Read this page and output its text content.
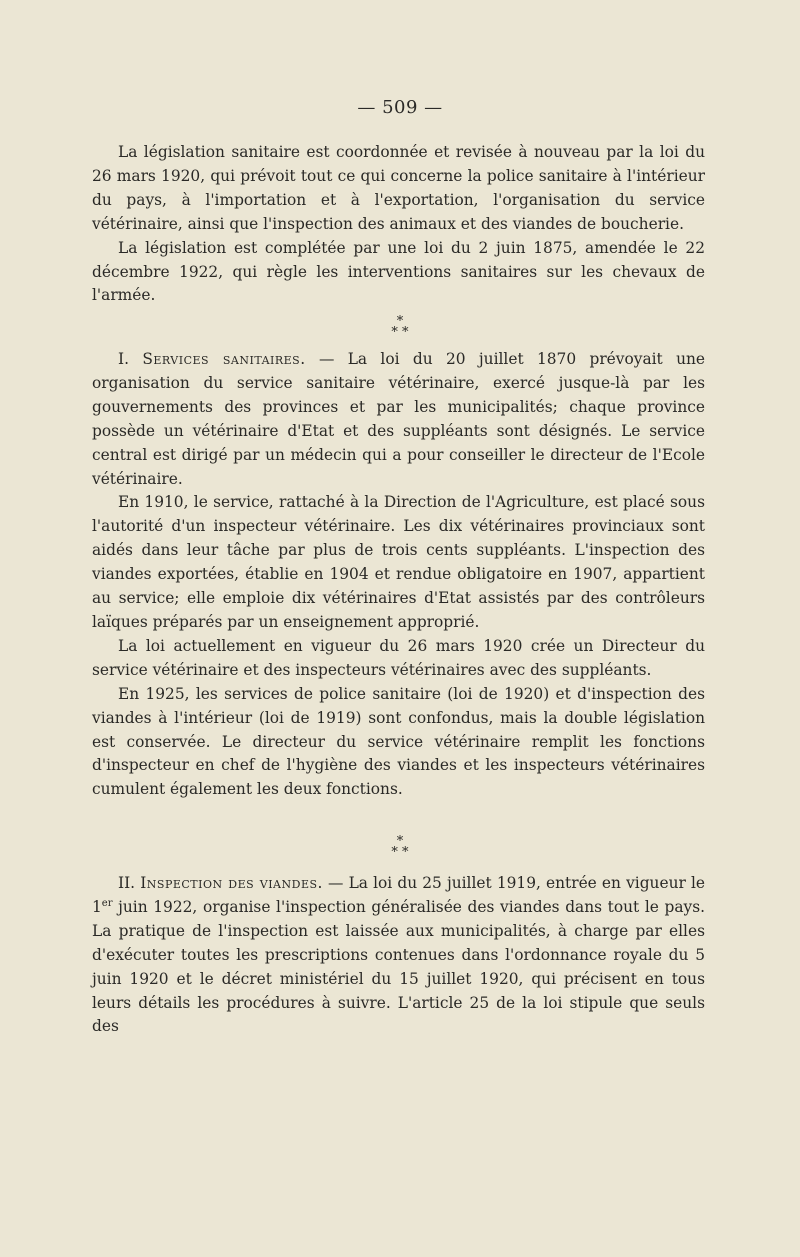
— 509 —

La législation sanitaire est coordonnée et revisée à nouveau par la loi du 26 mars 1920, qui prévoit tout ce qui concerne la police sanitaire à l'intérieur du pays, à l'importation et à l'exportation, l'organisation du service vétérinaire, ainsi que l'inspection des animaux et des viandes de boucherie.

La législation est complétée par une loi du 2 juin 1875, amendée le 22 décembre 1922, qui règle les interventions sanitaires sur les chevaux de l'armée.

*
* *

I. Services sanitaires. — La loi du 20 juillet 1870 prévoyait une organisation du service sanitaire vétérinaire, exercé jusque-là par les gouvernements des provinces et par les municipalités; chaque province possède un vétérinaire d'Etat et des suppléants sont désignés. Le service central est dirigé par un médecin qui a pour conseiller le directeur de l'Ecole vétérinaire.

En 1910, le service, rattaché à la Direction de l'Agriculture, est placé sous l'autorité d'un inspecteur vétérinaire. Les dix vétérinaires provinciaux sont aidés dans leur tâche par plus de trois cents suppléants. L'inspection des viandes exportées, établie en 1904 et rendue obligatoire en 1907, appartient au service; elle emploie dix vétérinaires d'Etat assistés par des contrôleurs laïques préparés par un enseignement approprié.

La loi actuellement en vigueur du 26 mars 1920 crée un Directeur du service vétérinaire et des inspecteurs vétérinaires avec des suppléants.

En 1925, les services de police sanitaire (loi de 1920) et d'inspection des viandes à l'intérieur (loi de 1919) sont confondus, mais la double législation est conservée. Le directeur du service vétérinaire remplit les fonctions d'inspecteur en chef de l'hygiène des viandes et les inspecteurs vétérinaires cumulent également les deux fonctions.

*
* *

II. Inspection des viandes. — La loi du 25 juillet 1919, entrée en vigueur le 1er juin 1922, organise l'inspection généralisée des viandes dans tout le pays. La pratique de l'inspection est laissée aux municipalités, à charge par elles d'exécuter toutes les prescriptions contenues dans l'ordonnance royale du 5 juin 1920 et le décret ministériel du 15 juillet 1920, qui précisent en tous leurs détails les procédures à suivre. L'article 25 de la loi stipule que seuls des
